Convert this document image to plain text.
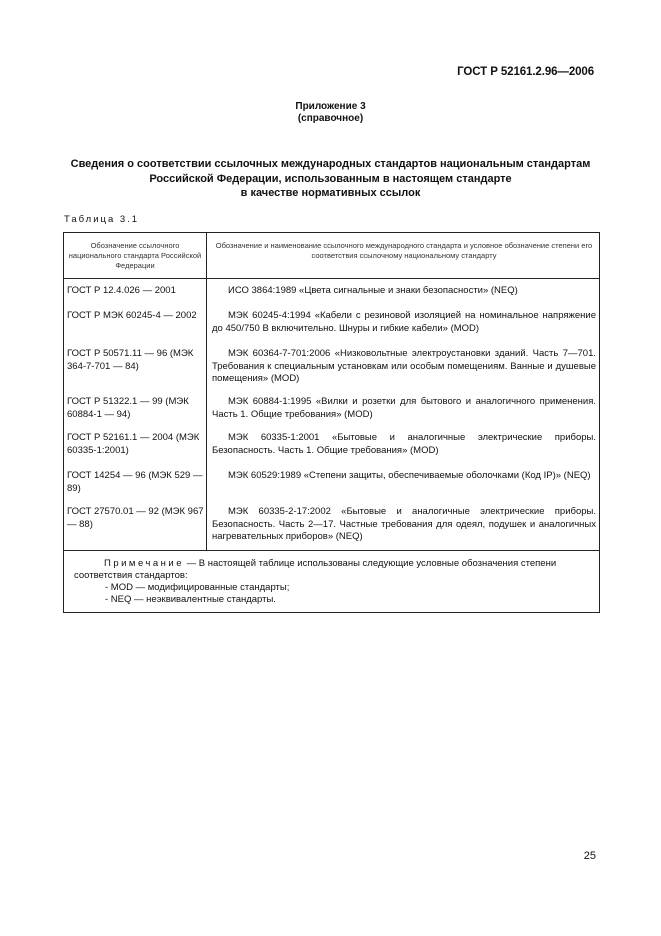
ГОСТ Р 52161.2.96—2006
Приложение 3
(справочное)
Сведения о соответствии ссылочных международных стандартов национальным стандартам
Российской Федерации, использованным в настоящем стандарте
в качестве нормативных ссылок
Таблица 3.1
Обозначение ссылочного национального стандарта Российской Федерации
Обозначение и наименование ссылочного международного стандарта и условное обозначение степени его соответствия ссылочному национальному стандарту
ГОСТ Р 12.4.026 — 2001	ИСО 3864:1989 «Цвета сигнальные и знаки безопасности» (NEQ)
ГОСТ Р МЭК 60245-4 — 2002	МЭК 60245-4:1994 «Кабели с резиновой изоляцией на номинальное напряжение до 450/750 В включительно. Шнуры и гибкие кабели» (MOD)
ГОСТ Р 50571.11 — 96 (МЭК 364-7-701 — 84)
МЭК 60364-7-701:2006 «Низковольтные электроустановки зданий. Часть 7—701. Требования к специальным установкам или особым помещениям. Ванные и душевые помещения» (MOD)
ГОСТ Р 51322.1 — 99 (МЭК 60884-1 — 94)
МЭК 60884-1:1995 «Вилки и розетки для бытового и аналогичного применения. Часть 1. Общие требования» (MOD)
ГОСТ Р 52161.1 — 2004 (МЭК 60335-1:2001)
МЭК 60335-1:2001 «Бытовые и аналогичные электрические приборы. Безопасность. Часть 1. Общие требования» (MOD)
ГОСТ 14254 — 96 (МЭК 529 — 89)
МЭК 60529:1989 «Степени защиты, обеспечиваемые оболочками (Код IP)» (NEQ)
ГОСТ 27570.01 — 92 (МЭК 967 — 88)
МЭК 60335-2-17:2002 «Бытовые и аналогичные электрические приборы. Безопасность. Часть 2—17. Частные требования для одеял, подушек и аналогичных нагревательных приборов» (NEQ)
Примечание — В настоящей таблице использованы следующие условные обозначения степени соответствия стандартов:
- MOD — модифицированные стандарты;
- NEQ — неэквивалентные стандарты.
25
